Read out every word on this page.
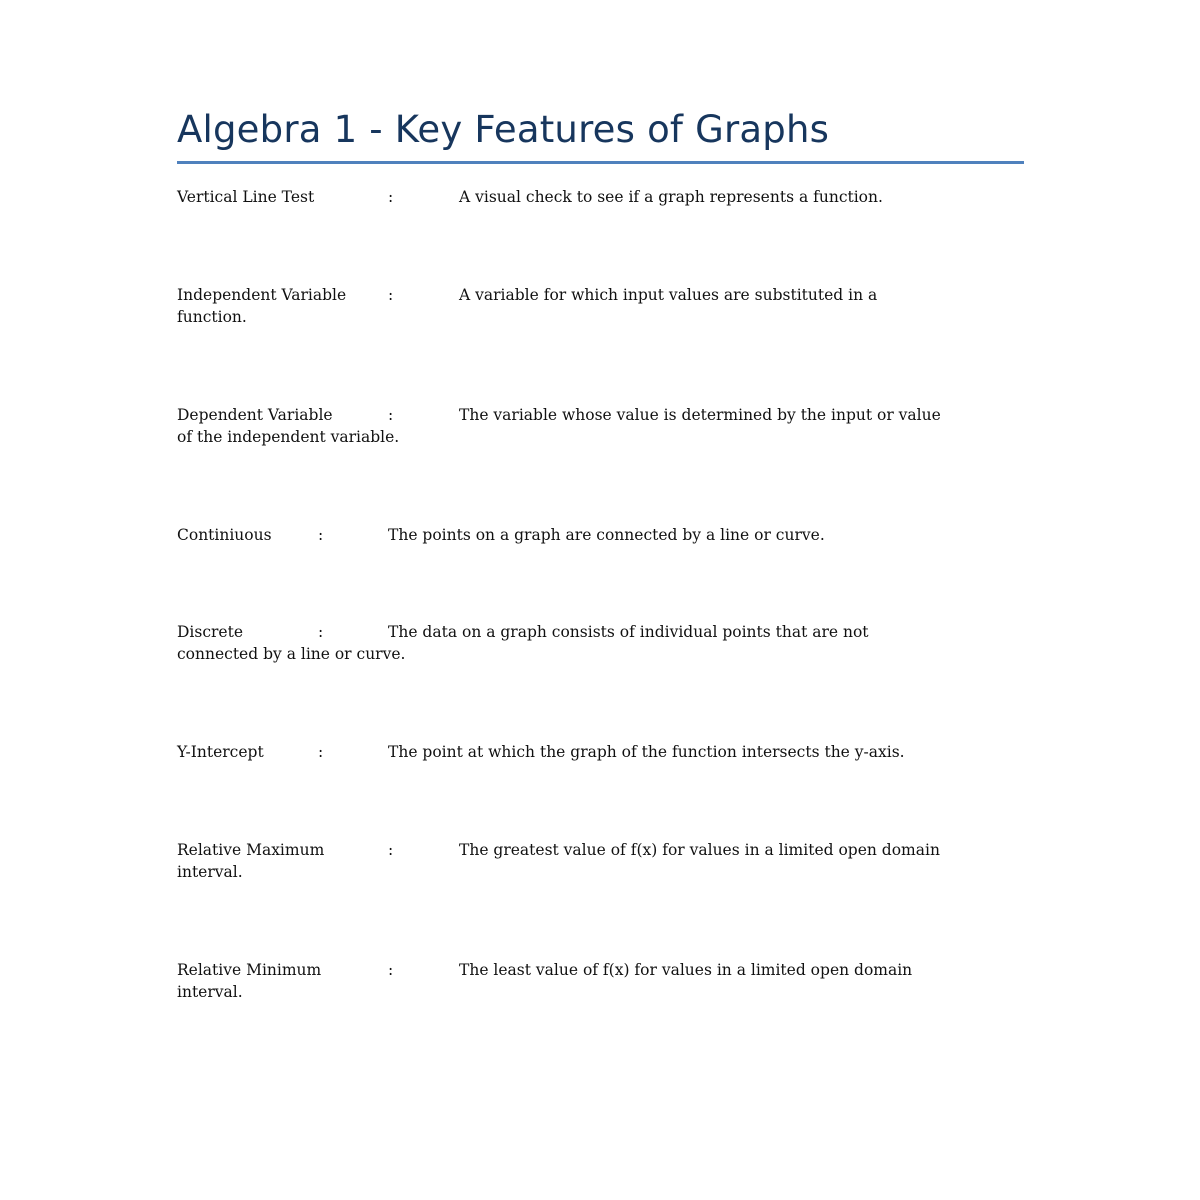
Algebra 1 - Key Features of Graphs
Vertical Line Test	:	A visual check to see if a graph represents a function.
Independent Variable	:	A variable for which input values are substituted in a
function.
Dependent Variable	:	The variable whose value is determined by the input or value
of the independent variable.
Continiuous	:	The points on a graph are connected by a line or curve.
Discrete	:	The data on a graph consists of individual points that are not
connected by a line or curve.
Y-Intercept	:	The point at which the graph of the function intersects the y-axis.
Relative Maximum	:	The greatest value of f(x) for values in a limited open domain
interval.
Relative Minimum	:	The least value of f(x) for values in a limited open domain
interval.
